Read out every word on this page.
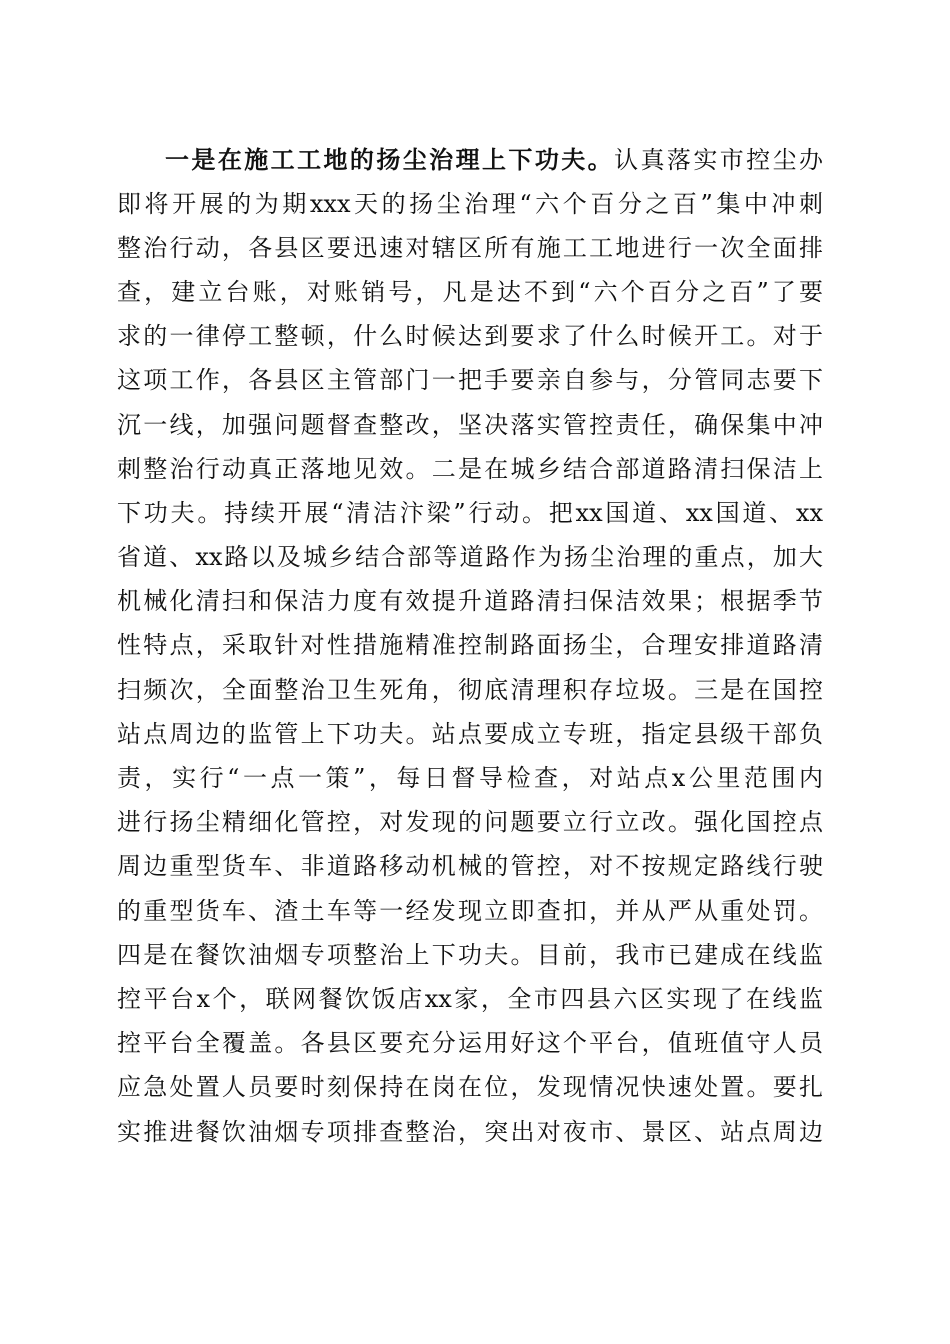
一是在施工工地的扬尘治理上下功夫。认真落实市控尘办
即将开展的为期xxx天的扬尘治理“六个百分之百”集中冲刺
整治行动，各县区要迅速对辖区所有施工工地进行一次全面排
查，建立台账，对账销号，凡是达不到“六个百分之百”了要
求的一律停工整顿，什么时候达到要求了什么时候开工。对于
这项工作，各县区主管部门一把手要亲自参与，分管同志要下
沉一线，加强问题督查整改，坚决落实管控责任，确保集中冲
刺整治行动真正落地见效。二是在城乡结合部道路清扫保洁上
下功夫。持续开展“清洁汴梁”行动。把xx国道、xx国道、xx
省道、xx路以及城乡结合部等道路作为扬尘治理的重点，加大
机械化清扫和保洁力度有效提升道路清扫保洁效果；根据季节
性特点，采取针对性措施精准控制路面扬尘，合理安排道路清
扫频次，全面整治卫生死角，彻底清理积存垃圾。三是在国控
站点周边的监管上下功夫。站点要成立专班，指定县级干部负
责，实行“一点一策”，每日督导检查，对站点x公里范围内
进行扬尘精细化管控，对发现的问题要立行立改。强化国控点
周边重型货车、非道路移动机械的管控，对不按规定路线行驶
的重型货车、渣土车等一经发现立即查扣，并从严从重处罚。
四是在餐饮油烟专项整治上下功夫。目前，我市已建成在线监
控平台x个，联网餐饮饭店xx家，全市四县六区实现了在线监
控平台全覆盖。各县区要充分运用好这个平台，值班值守人员
应急处置人员要时刻保持在岗在位，发现情况快速处置。要扎
实推进餐饮油烟专项排查整治，突出对夜市、景区、站点周边
